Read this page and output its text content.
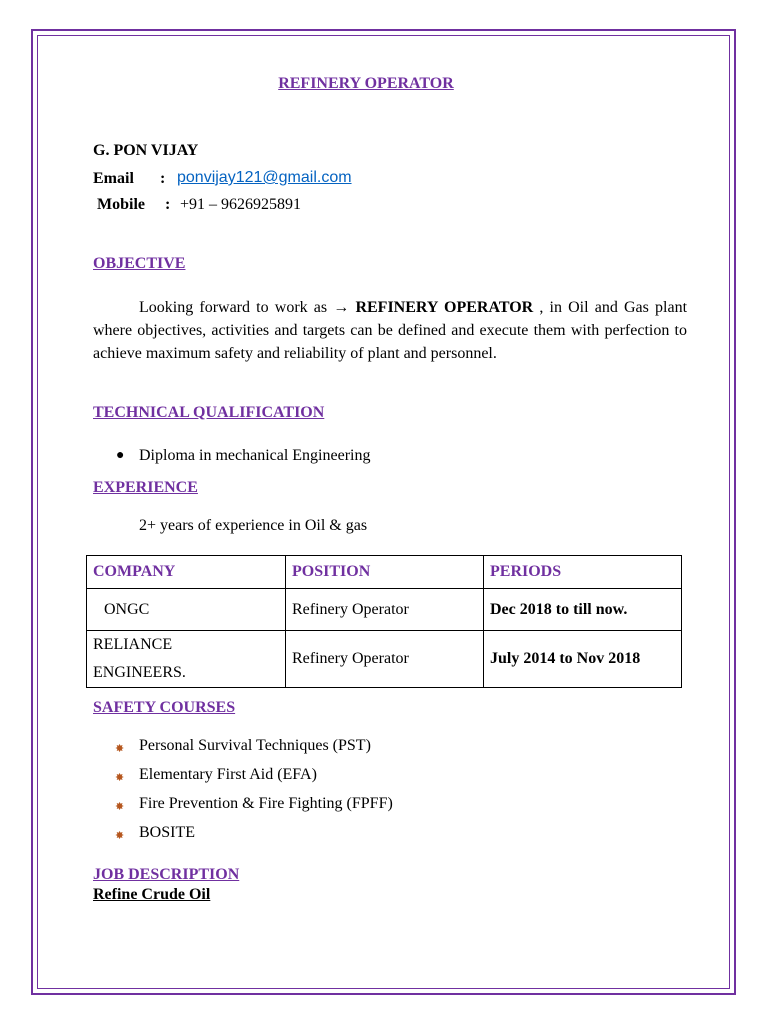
REFINERY OPERATOR
G. PON VIJAY
Email : ponvijay121@gmail.com
Mobile : +91 – 9626925891
OBJECTIVE
Looking forward to work as → REFINERY OPERATOR , in Oil and Gas plant where objectives, activities and targets can be defined and execute them with perfection to achieve maximum safety and reliability of plant and personnel.
TECHNICAL QUALIFICATION
● Diploma in mechanical Engineering
EXPERIENCE
2+ years of experience in Oil & gas
COMPANY	POSITION	PERIODS
ONGC	Refinery Operator	Dec 2018 to till now.

RELIANCE
ENGINEERS.	Refinery Operator	July 2014 to Nov 2018
SAFETY COURSES
✸ Personal Survival Techniques (PST)
✸ Elementary First Aid (EFA)
✸ Fire Prevention & Fire Fighting (FPFF)
✸ BOSITE
JOB DESCRIPTION
Refine Crude Oil
